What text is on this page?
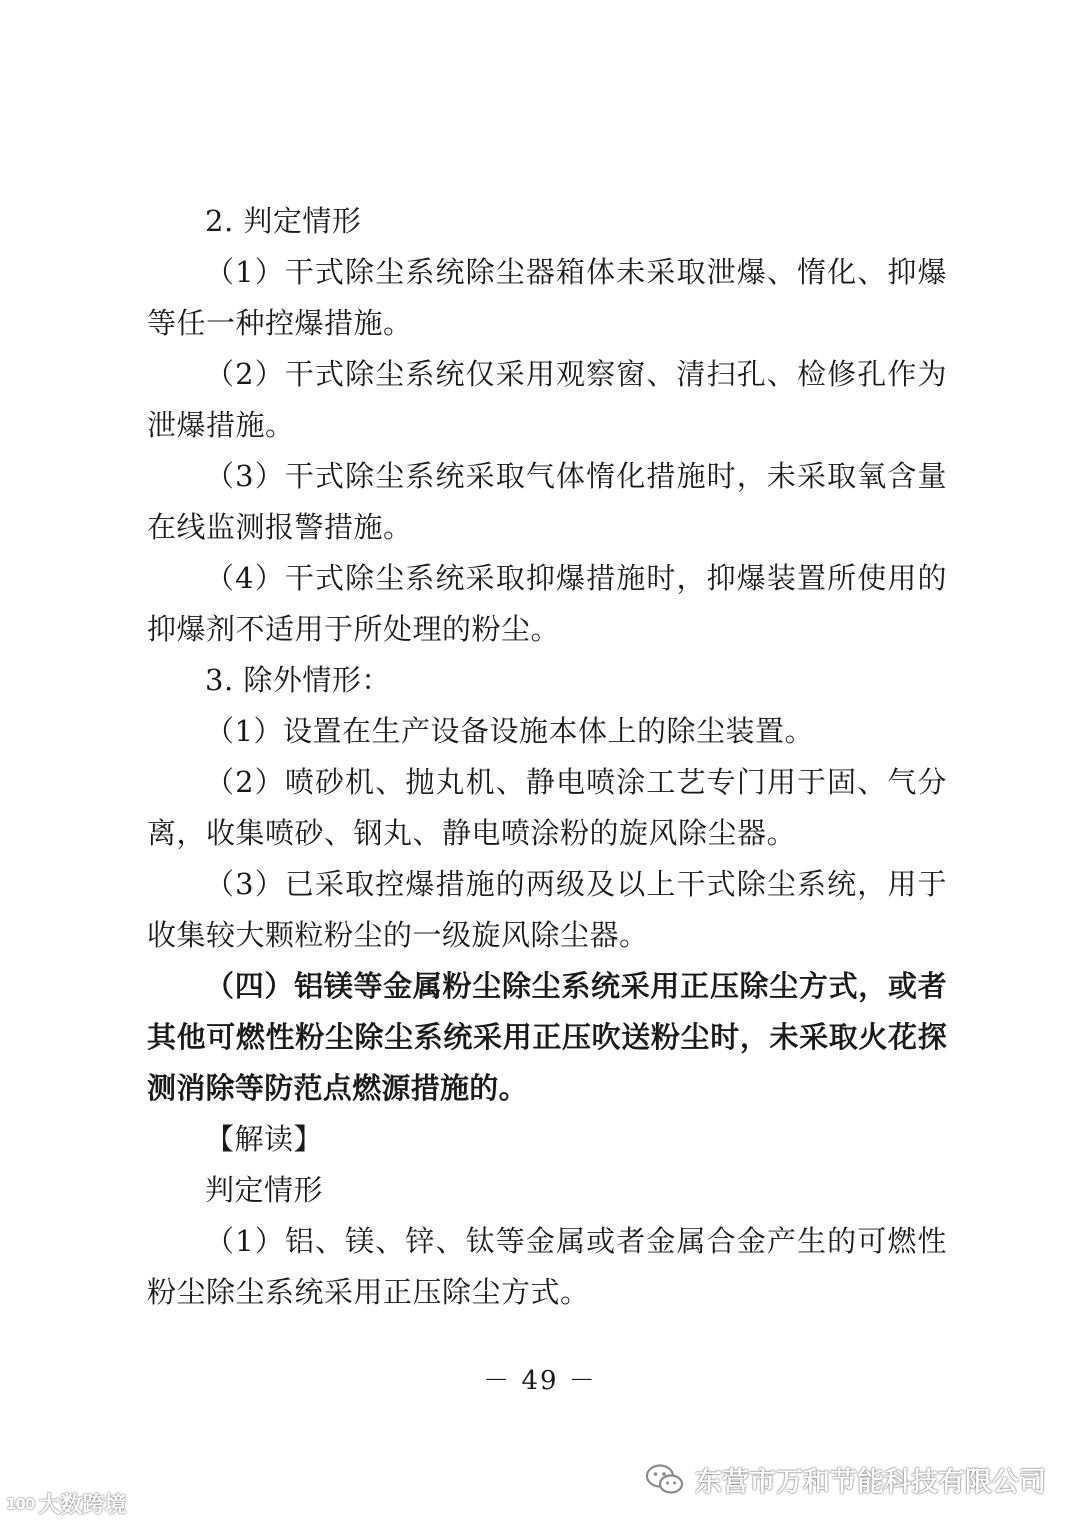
2. 判定情形

（1）干式除尘系统除尘器箱体未采取泄爆、惰化、抑爆等任一种控爆措施。

（2）干式除尘系统仅采用观察窗、清扫孔、检修孔作为泄爆措施。

（3）干式除尘系统采取气体惰化措施时，未采取氧含量在线监测报警措施。

（4）干式除尘系统采取抑爆措施时，抑爆装置所使用的抑爆剂不适用于所处理的粉尘。

3. 除外情形：

（1）设置在生产设备设施本体上的除尘装置。

（2）喷砂机、抛丸机、静电喷涂工艺专门用于固、气分离，收集喷砂、钢丸、静电喷涂粉的旋风除尘器。

（3）已采取控爆措施的两级及以上干式除尘系统，用于收集较大颗粒粉尘的一级旋风除尘器。

（四）铝镁等金属粉尘除尘系统采用正压除尘方式，或者其他可燃性粉尘除尘系统采用正压吹送粉尘时，未采取火花探测消除等防范点燃源措施的。

【解读】

判定情形

（1）铝、镁、锌、钛等金属或者金属合金产生的可燃性粉尘除尘系统采用正压除尘方式。

－ 49 －
100 大数跨境
东营市万和节能科技有限公司
